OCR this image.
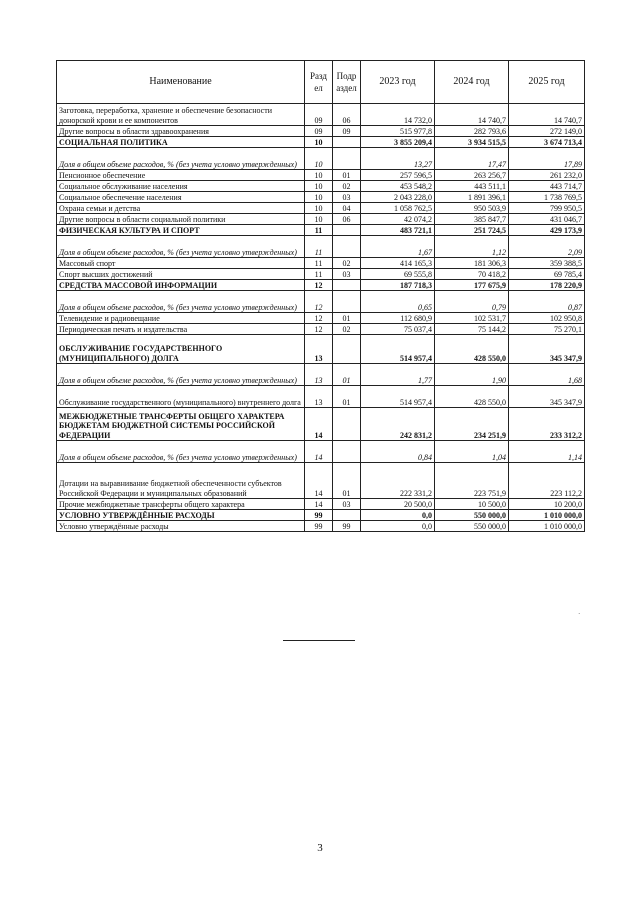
Наименование	Разд ел	Подр аздел	2023 год	2024 год	2025 год
Заготовка, переработка, хранение и обеспечение безопасности донорской крови и ее компонентов	09	06	14 732,0	14 740,7	14 740,7
Другие вопросы в области здравоохранения	09	09	515 977,8	282 793,6	272 149,0
СОЦИАЛЬНАЯ ПОЛИТИКА	10		3 855 209,4	3 934 515,5	3 674 713,4
Доля в общем объеме расходов, % (без учета условно утвержденных)	10		13,27	17,47	17,89
Пенсионное обеспечение	10	01	257 596,5	263 256,7	261 232,0
Социальное обслуживание населения	10	02	453 548,2	443 511,1	443 714,7
Социальное обеспечение населения	10	03	2 043 228,0	1 891 396,1	1 738 769,5
Охрана семьи и детства	10	04	1 058 762,5	950 503,9	799 950,5
Другие вопросы в области социальной политики	10	06	42 074,2	385 847,7	431 046,7
ФИЗИЧЕСКАЯ КУЛЬТУРА И СПОРТ	11		483 721,1	251 724,5	429 173,9
Доля в общем объеме расходов, % (без учета условно утвержденных)	11		1,67	1,12	2,09
Массовый спорт	11	02	414 165,3	181 306,3	359 388,5
Спорт высших достижений	11	03	69 555,8	70 418,2	69 785,4
СРЕДСТВА МАССОВОЙ ИНФОРМАЦИИ	12		187 718,3	177 675,9	178 220,9
Доля в общем объеме расходов, % (без учета условно утвержденных)	12		0,65	0,79	0,87
Телевидение и радиовещание	12	01	112 680,9	102 531,7	102 950,8
Периодическая печать и издательства	12	02	75 037,4	75 144,2	75 270,1
ОБСЛУЖИВАНИЕ ГОСУДАРСТВЕННОГО (МУНИЦИПАЛЬНОГО) ДОЛГА	13		514 957,4	428 550,0	345 347,9
Доля в общем объеме расходов, % (без учета условно утвержденных)	13	01	1,77	1,90	1,68
Обслуживание государственного (муниципального) внутреннего долга	13	01	514 957,4	428 550,0	345 347,9
МЕЖБЮДЖЕТНЫЕ ТРАНСФЕРТЫ ОБЩЕГО ХАРАКТЕРА БЮДЖЕТАМ БЮДЖЕТНОЙ СИСТЕМЫ РОССИЙСКОЙ ФЕДЕРАЦИИ	14		242 831,2	234 251,9	233 312,2
Доля в общем объеме расходов, % (без учета условно утвержденных)	14		0,84	1,04	1,14
Дотации на выравнивание бюджетной обеспеченности субъектов Российской Федерации и муниципальных образований	14	01	222 331,2	223 751,9	223 112,2
Прочие межбюджетные трансферты общего характера	14	03	20 500,0	10 500,0	10 200,0
УСЛОВНО УТВЕРЖДЁННЫЕ РАСХОДЫ	99		0,0	550 000,0	1 010 000,0
Условно утверждённые расходы	99	99	0,0	550 000,0	1 010 000,0
·
3
